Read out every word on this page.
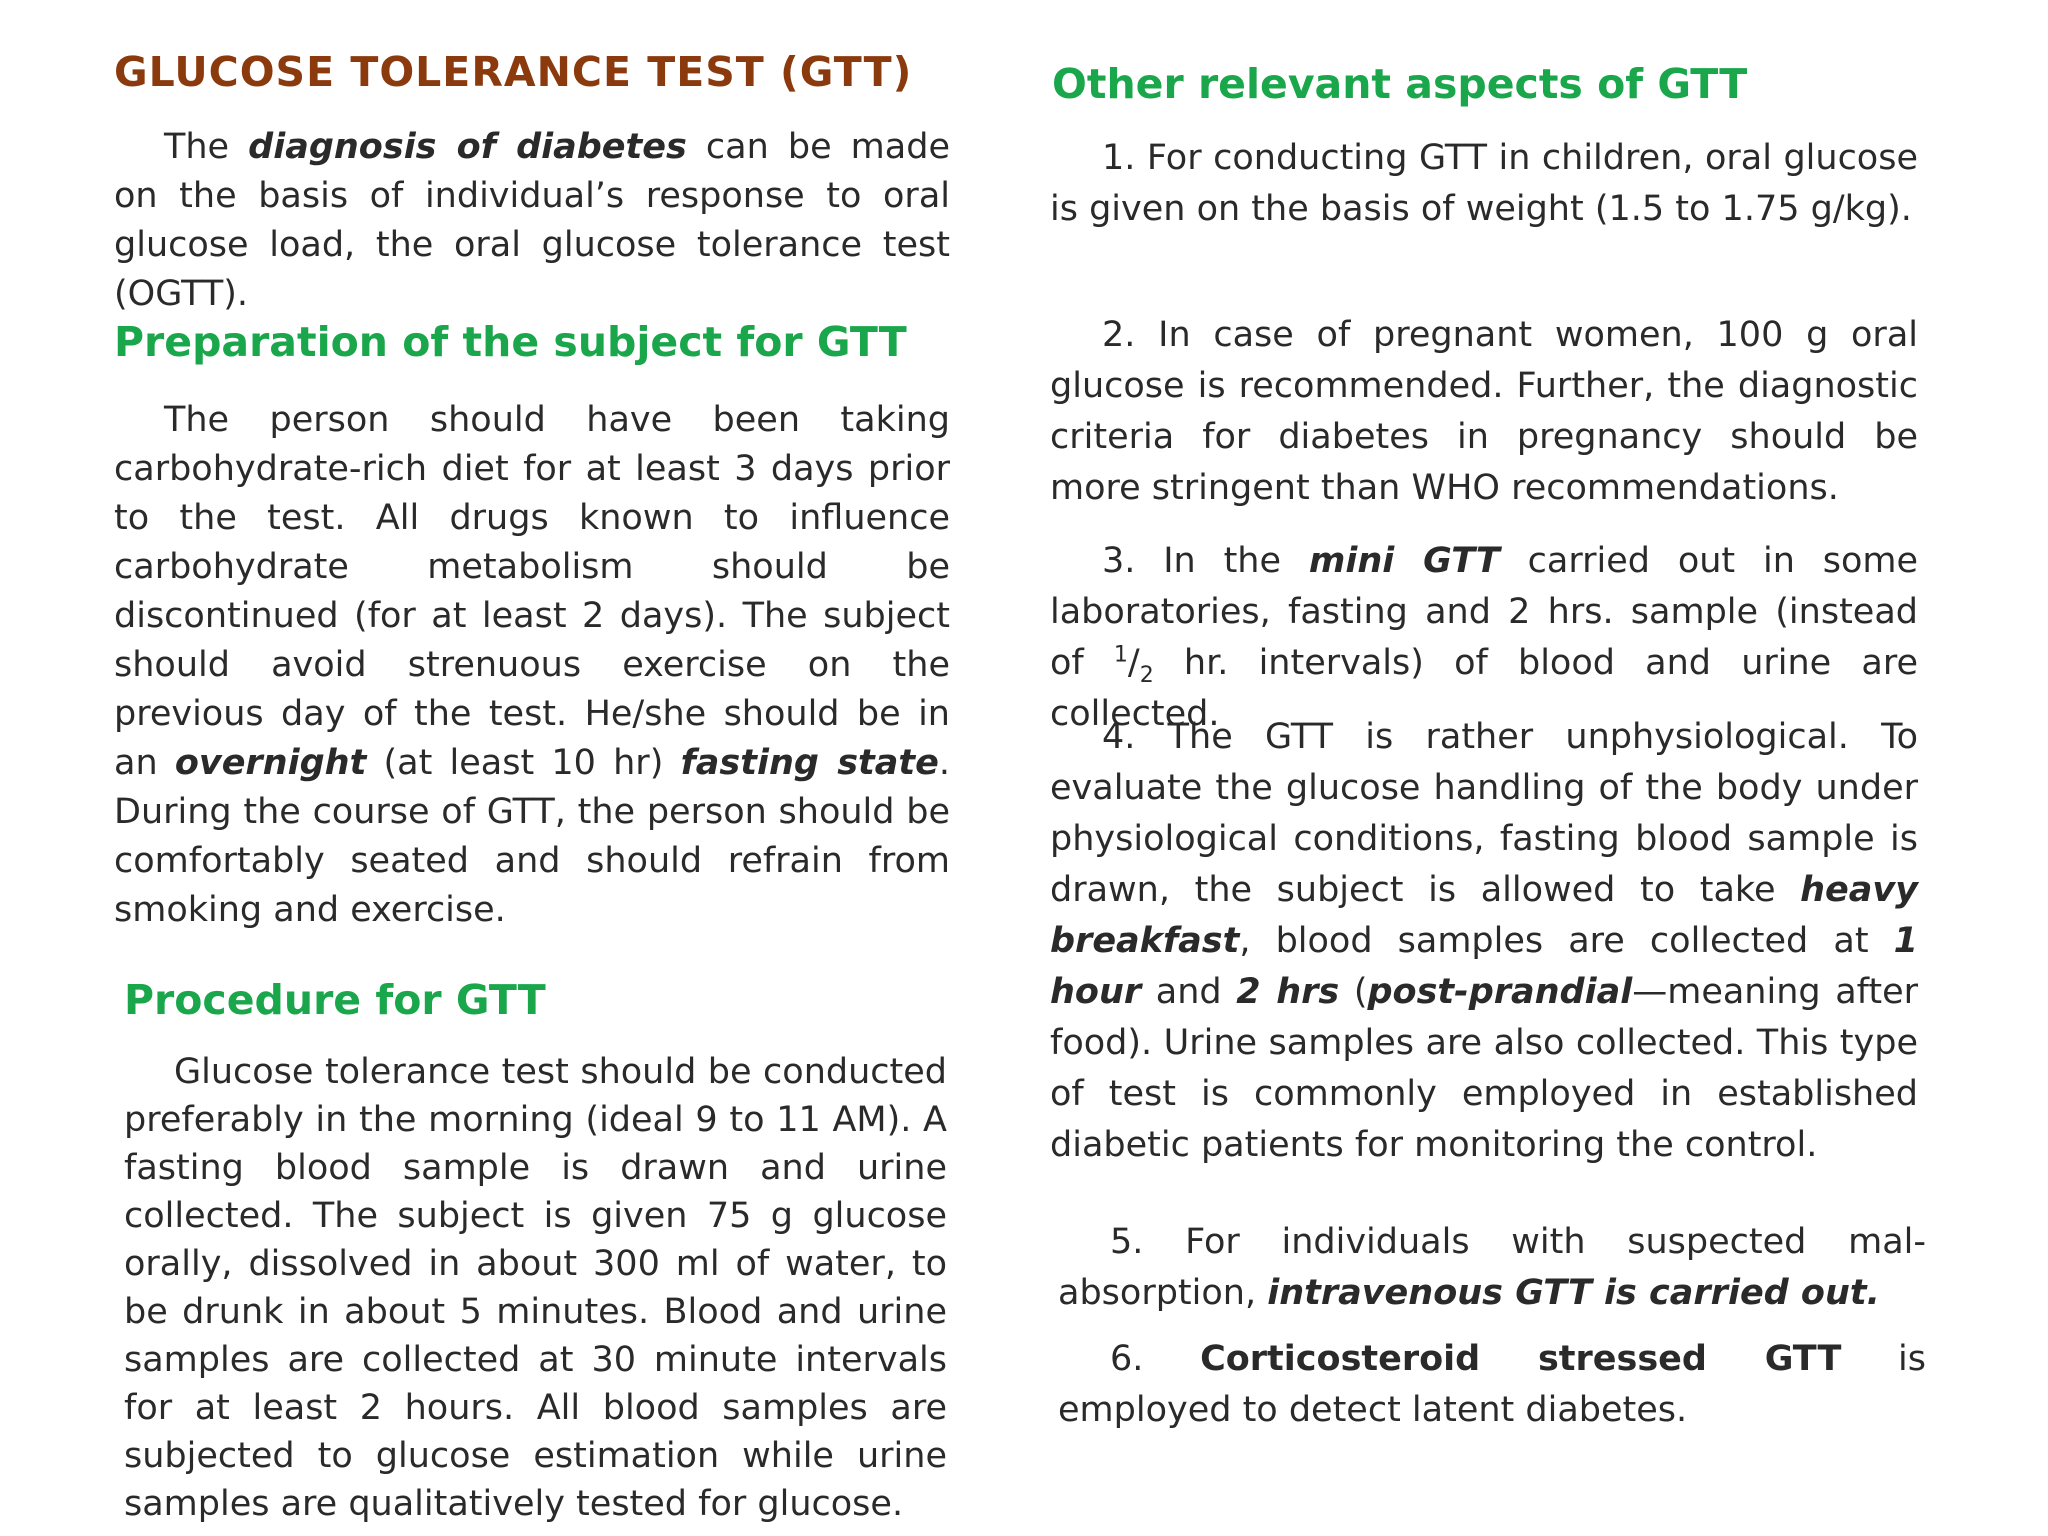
GLUCOSE TOLERANCE TEST (GTT)

The diagnosis of diabetes can be made on the basis of individual’s response to oral glucose load, the oral glucose tolerance test (OGTT).

Preparation of the subject for GTT

The person should have been taking carbohydrate-rich diet for at least 3 days prior to the test. All drugs known to influence carbohydrate metabolism should be discontinued (for at least 2 days). The subject should avoid strenuous exercise on the previous day of the test. He/she should be in an overnight (at least 10 hr) fasting state. During the course of GTT, the person should be comfortably seated and should refrain from smoking and exercise.

Procedure for GTT

Glucose tolerance test should be conducted preferably in the morning (ideal 9 to 11 AM). A fasting blood sample is drawn and urine collected. The subject is given 75 g glucose orally, dissolved in about 300 ml of water, to be drunk in about 5 minutes. Blood and urine samples are collected at 30 minute intervals for at least 2 hours. All blood samples are subjected to glucose estimation while urine samples are qualitatively tested for glucose.

Other relevant aspects of GTT

1. For conducting GTT in children, oral glucose is given on the basis of weight (1.5 to 1.75 g/kg).

2. In case of pregnant women, 100 g oral glucose is recommended. Further, the diagnostic criteria for diabetes in pregnancy should be more stringent than WHO recommendations.

3. In the mini GTT carried out in some laboratories, fasting and 2 hrs. sample (instead of $^1/_2$ hr. intervals) of blood and urine are collected.

4. The GTT is rather unphysiological. To evaluate the glucose handling of the body under physiological conditions, fasting blood sample is drawn, the subject is allowed to take heavy breakfast, blood samples are collected at 1 hour and 2 hrs (post-prandial—meaning after food). Urine samples are also collected. This type of test is commonly employed in established diabetic patients for monitoring the control.

5. For individuals with suspected mal-absorption, intravenous GTT is carried out.

6. Corticosteroid stressed GTT is employed to detect latent diabetes.
